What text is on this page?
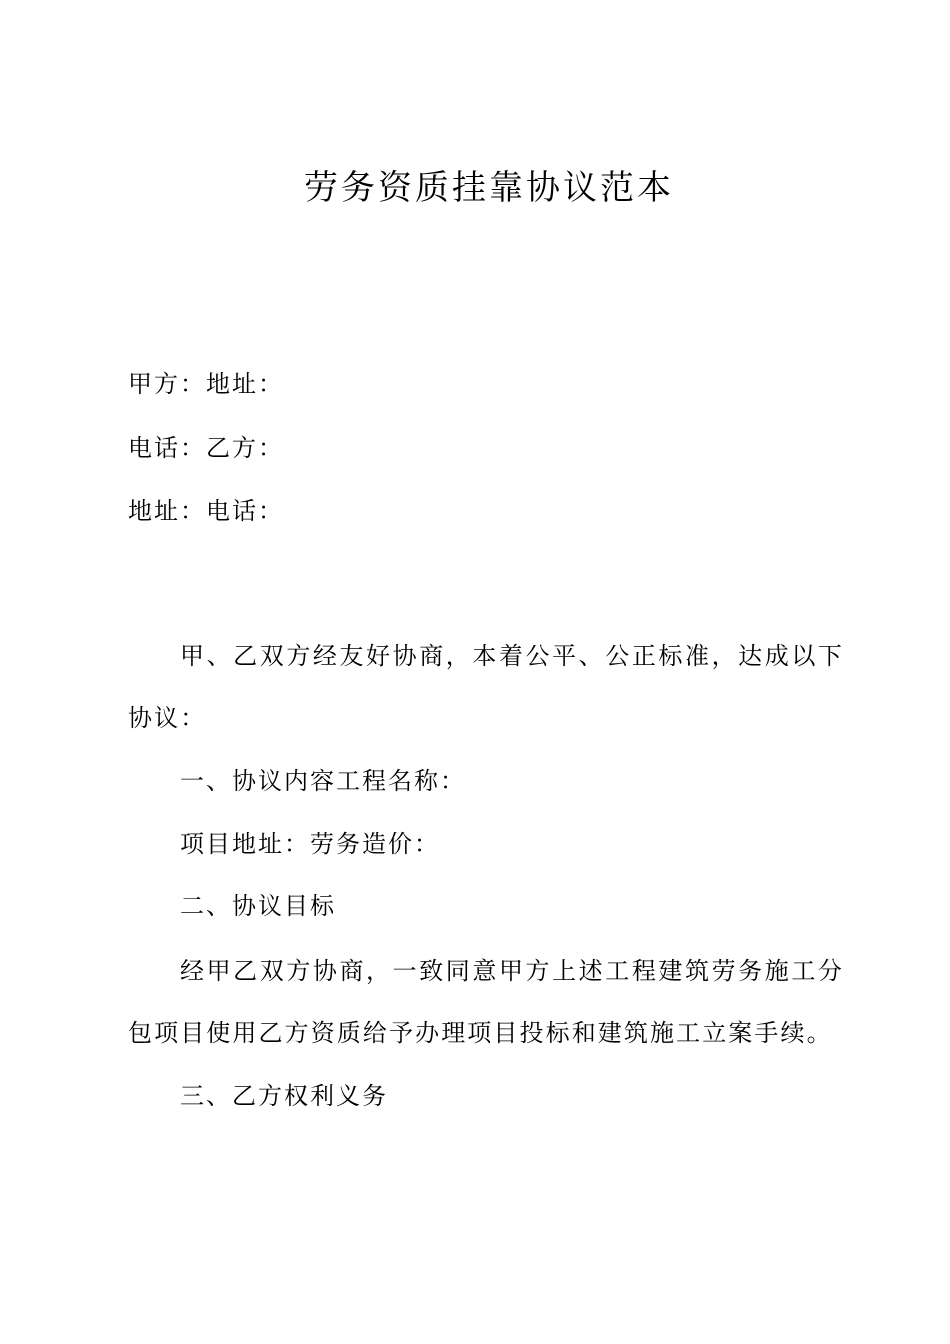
劳务资质挂靠协议范本
甲方：地址：
电话：乙方：
地址：电话：
甲、乙双方经友好协商，本着公平、公正标准，达成以下协议：
一、协议内容工程名称：
项目地址：劳务造价：
二、协议目标
经甲乙双方协商，一致同意甲方上述工程建筑劳务施工分包项目使用乙方资质给予办理项目投标和建筑施工立案手续。
三、乙方权利义务
